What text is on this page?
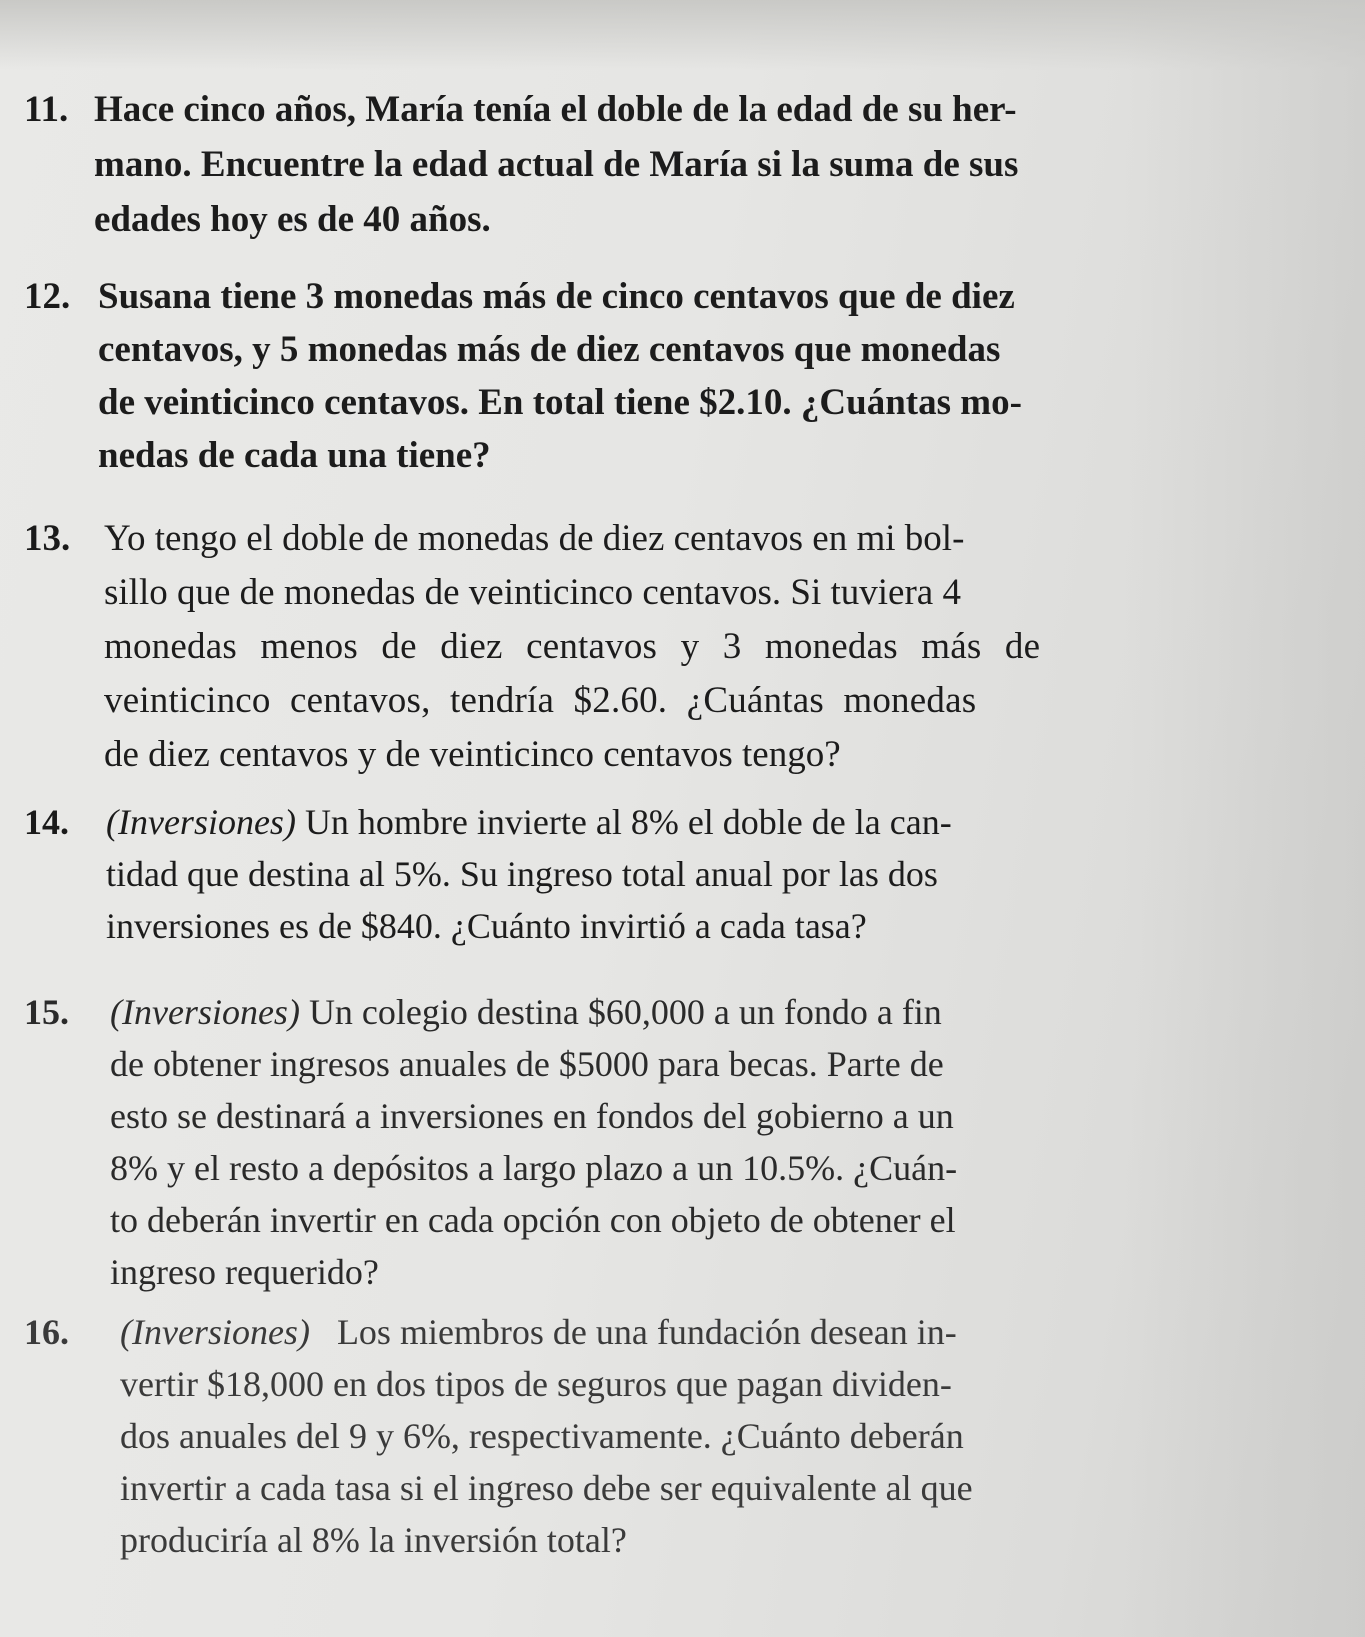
11. Hace cinco años, María tenía el doble de la edad de su her-
mano. Encuentre la edad actual de María si la suma de sus
edades hoy es de 40 años.
12. Susana tiene 3 monedas más de cinco centavos que de diez
centavos, y 5 monedas más de diez centavos que monedas
de veinticinco centavos. En total tiene $2.10. ¿Cuántas mo-
nedas de cada una tiene?
13. Yo tengo el doble de monedas de diez centavos en mi bol-
sillo que de monedas de veinticinco centavos. Si tuviera 4
monedas menos de diez centavos y 3 monedas más de
veinticinco centavos, tendría $2.60. ¿Cuántas monedas
de diez centavos y de veinticinco centavos tengo?
14. (Inversiones) Un hombre invierte al 8% el doble de la can-
tidad que destina al 5%. Su ingreso total anual por las dos
inversiones es de $840. ¿Cuánto invirtió a cada tasa?
15. (Inversiones) Un colegio destina $60,000 a un fondo a fin
de obtener ingresos anuales de $5000 para becas. Parte de
esto se destinará a inversiones en fondos del gobierno a un
8% y el resto a depósitos a largo plazo a un 10.5%. ¿Cuán-
to deberán invertir en cada opción con objeto de obtener el
ingreso requerido?
16. (Inversiones)   Los miembros de una fundación desean in-
vertir $18,000 en dos tipos de seguros que pagan dividen-
dos anuales del 9 y 6%, respectivamente. ¿Cuánto deberán
invertir a cada tasa si el ingreso debe ser equivalente al que
produciría al 8% la inversión total?
